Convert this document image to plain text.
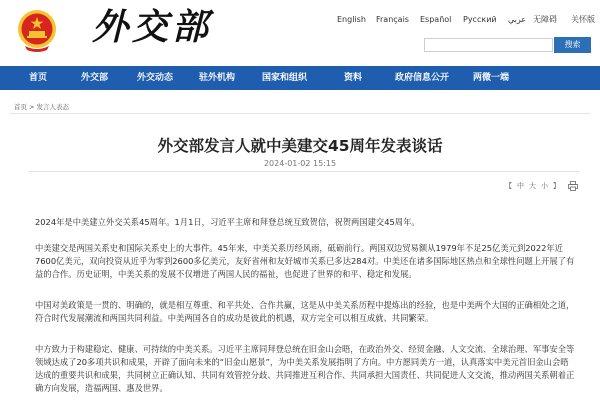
外交部	English Français Español Русский عربي 无障碍 关怀版
搜索
首页	外交部	外交动态	驻外机构	国家和组织	资料	政府信息公开	两微一端
首页 > 发言人表态
外交部发言人就中美建交45周年发表谈话
2024-01-02 15:15
【 中 大 小 】

2024年是中美建立外交关系45周年。1月1日，习近平主席和拜登总统互致贺信，祝贺两国建交45周年。

中美建交是两国关系史和国际关系史上的大事件。45年来，中美关系历经风雨，砥砺前行。两国双边贸易额从1979年不足25亿美元到2022年近7600亿美元，双向投资从近乎为零到2600多亿美元，友好省州和友好城市关系已多达284对。中美还在诸多国际地区热点和全球性问题上开展了有益的合作。历史证明，中美关系的发展不仅增进了两国人民的福祉，也促进了世界的和平、稳定和发展。

中国对美政策是一贯的、明确的，就是相互尊重、和平共处、合作共赢，这是从中美关系历程中提炼出的经验，也是中美两个大国的正确相处之道，符合时代发展潮流和两国共同利益。中美两国各自的成功是彼此的机遇，双方完全可以相互成就、共同繁荣。

中方致力于构建稳定、健康、可持续的中美关系。习近平主席同拜登总统在旧金山会晤，在政治外交、经贸金融、人文交流、全球治理、军事安全等领域达成了20多项共识和成果，开辟了面向未来的“旧金山愿景”，为中美关系发展指明了方向。中方愿同美方一道，认真落实中美元首旧金山会晤达成的重要共识和成果，共同树立正确认知、共同有效管控分歧、共同推进互利合作、共同承担大国责任、共同促进人文交流，推动两国关系朝着正确方向发展，造福两国、惠及世界。
